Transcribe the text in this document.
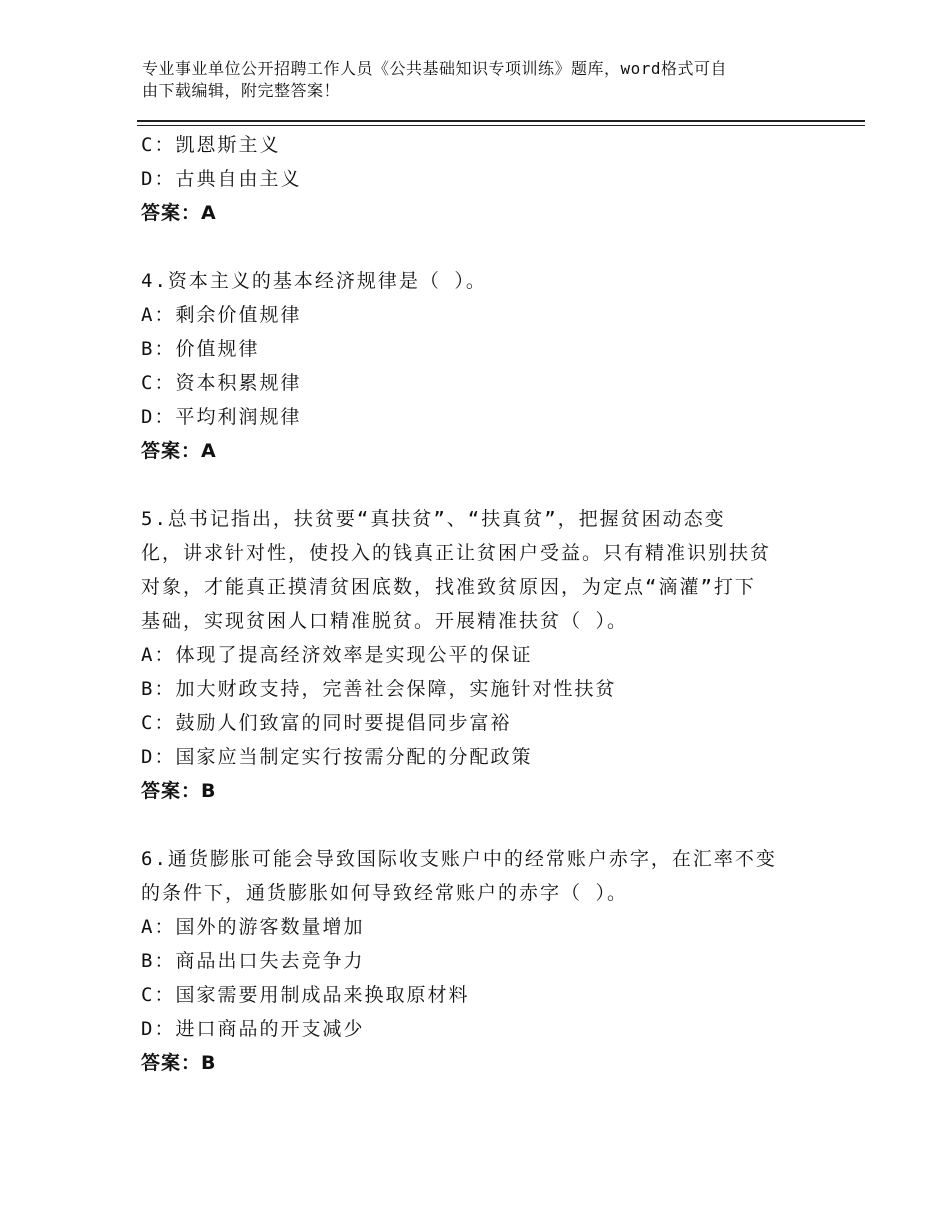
专业事业单位公开招聘工作人员《公共基础知识专项训练》题库，word格式可自
由下载编辑，附完整答案！
C：凯恩斯主义
D：古典自由主义
答案：A
4.资本主义的基本经济规律是（ ）。
A：剩余价值规律
B：价值规律
C：资本积累规律
D：平均利润规律
答案：A
5.总书记指出，扶贫要“真扶贫”、“扶真贫”，把握贫困动态变
化，讲求针对性，使投入的钱真正让贫困户受益。只有精准识别扶贫
对象，才能真正摸清贫困底数，找准致贫原因，为定点“滴灌”打下
基础，实现贫困人口精准脱贫。开展精准扶贫（ ）。
A：体现了提高经济效率是实现公平的保证
B：加大财政支持，完善社会保障，实施针对性扶贫
C：鼓励人们致富的同时要提倡同步富裕
D：国家应当制定实行按需分配的分配政策
答案：B
6.通货膨胀可能会导致国际收支账户中的经常账户赤字，在汇率不变
的条件下，通货膨胀如何导致经常账户的赤字（ ）。
A：国外的游客数量增加
B：商品出口失去竞争力
C：国家需要用制成品来换取原材料
D：进口商品的开支减少
答案：B
